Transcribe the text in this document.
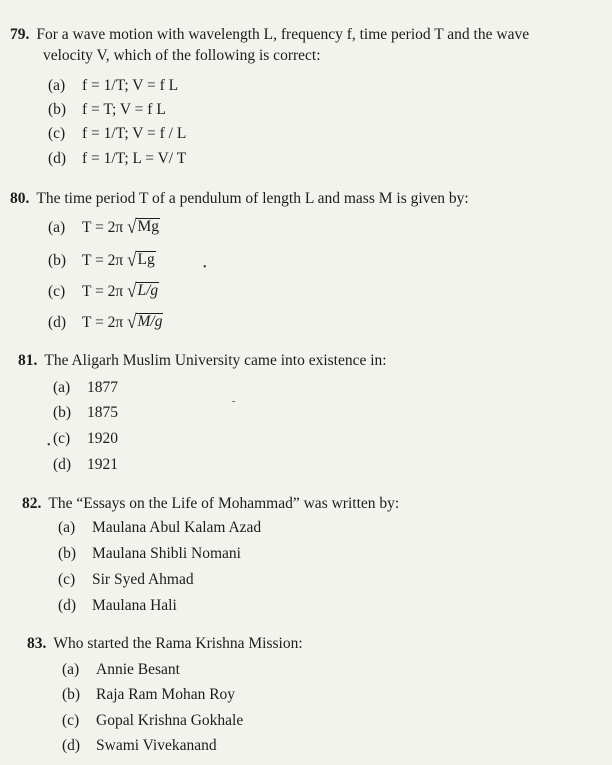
79. For a wave motion with wavelength L, frequency f, time period T and the wave
velocity V, which of the following is correct:
(a) f = 1/T; V = f L
(b) f = T; V = f L
(c) f = 1/T; V = f / L
(d) f = 1/T; L = V/ T
80. The time period T of a pendulum of length L and mass M is given by:
(a) T = 2π √ Mg
(b) T = 2π √ Lg
(c) T = 2π √ L/g
(d) T = 2π √ M/g
81. The Aligarh Muslim University came into existence in:
(a) 1877
(b) 1875
(c) 1920
(d) 1921
•
‑
•
82. The “Essays on the Life of Mohammad” was written by:
(a) Maulana Abul Kalam Azad
(b) Maulana Shibli Nomani
(c) Sir Syed Ahmad
(d) Maulana Hali
83. Who started the Rama Krishna Mission:
(a) Annie Besant
(b) Raja Ram Mohan Roy
(c) Gopal Krishna Gokhale
(d) Swami Vivekanand
